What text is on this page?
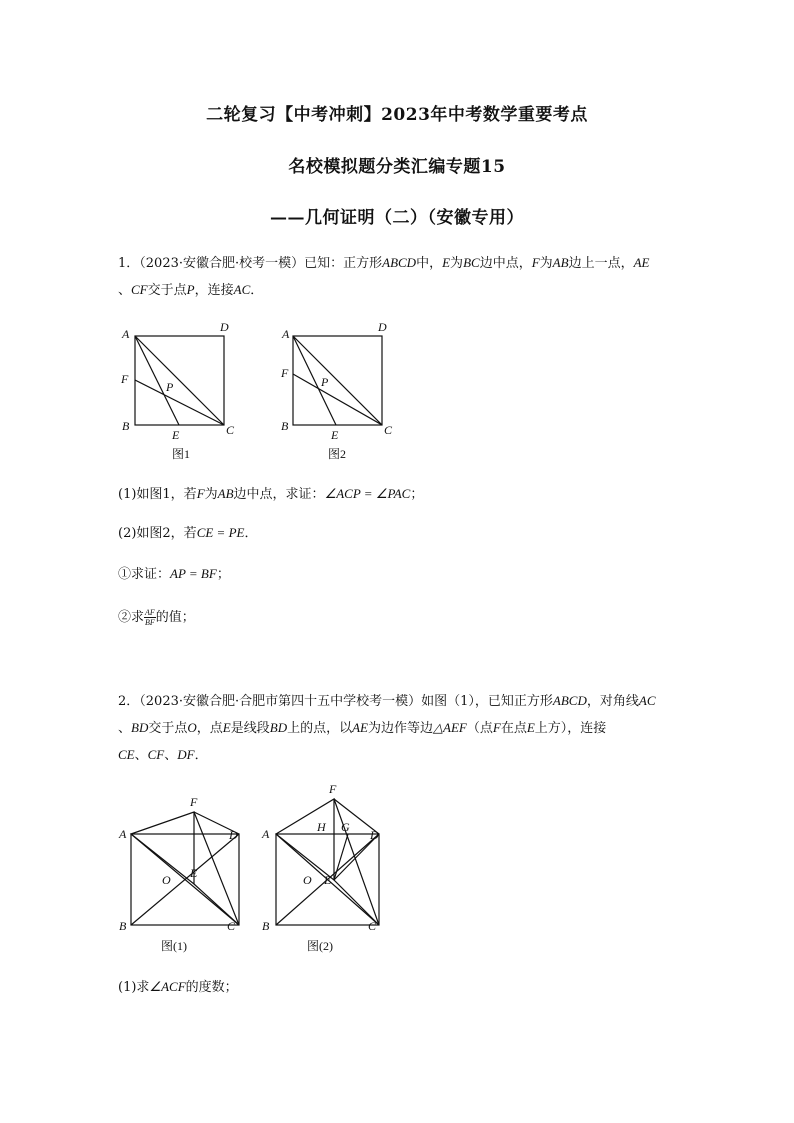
二轮复习【中考冲刺】2023年中考数学重要考点
名校模拟题分类汇编专题15
——几何证明（二）（安徽专用）
1．（2023·安徽合肥·校考一模）已知：正方形ABCD中，E为BC边中点，F为AB边上一点，AE
、CF交于点P，连接AC．
A	D
F
P
B
E	C
图1
A	D
F
P
B
E	C
图2
(1)如图1，若F为AB边中点，求证：∠ACP = ∠PAC；
(2)如图2，若CE = PE．
①求证：AP = BF；
②求 $\frac{AF}{BF}$ 的值；
2．（2023·安徽合肥·合肥市第四十五中学校考一模）如图（1），已知正方形ABCD，对角线AC
、BD交于点O，点E是线段BD上的点，以AE为边作等边△AEF（点F在点E上方），连接
CE、CF、DF．
F
A	D
O E
B	C
图(1)
F
H G
A	D
O E
B	C
图(2)
(1)求∠ACF的度数；
